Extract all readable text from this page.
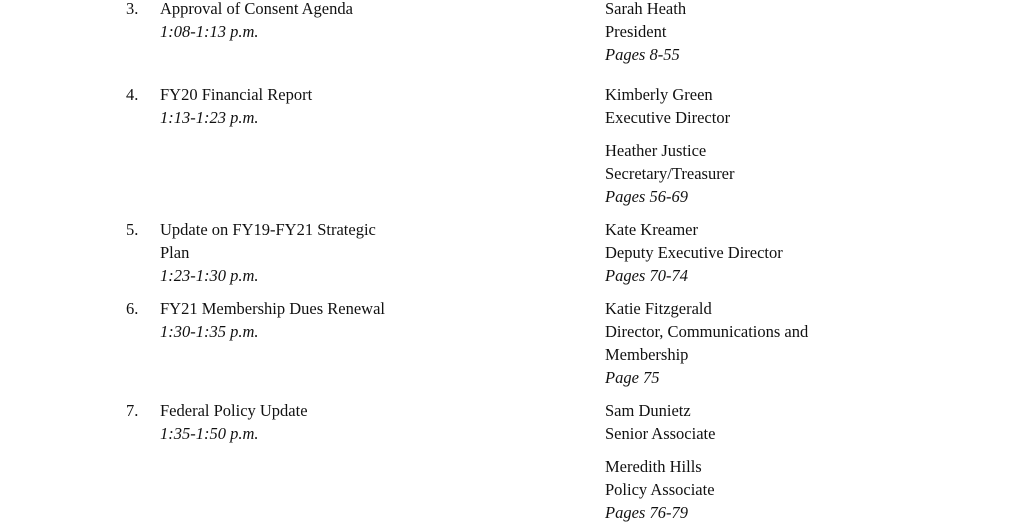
3.	Approval of Consent Agenda
1:08-1:13 p.m.
Sarah Heath
President
Pages 8-55
4.	FY20 Financial Report
1:13-1:23 p.m.
Kimberly Green
Executive Director
Heather Justice
Secretary/Treasurer
Pages 56-69
5.	Update on FY19-FY21 Strategic
Plan
1:23-1:30 p.m.
Kate Kreamer
Deputy Executive Director
Pages 70-74
6.	FY21 Membership Dues Renewal
1:30-1:35 p.m.
Katie Fitzgerald
Director, Communications and
Membership
Page 75
7.	Federal Policy Update
1:35-1:50 p.m.
Sam Dunietz
Senior Associate
Meredith Hills
Policy Associate
Pages 76-79
